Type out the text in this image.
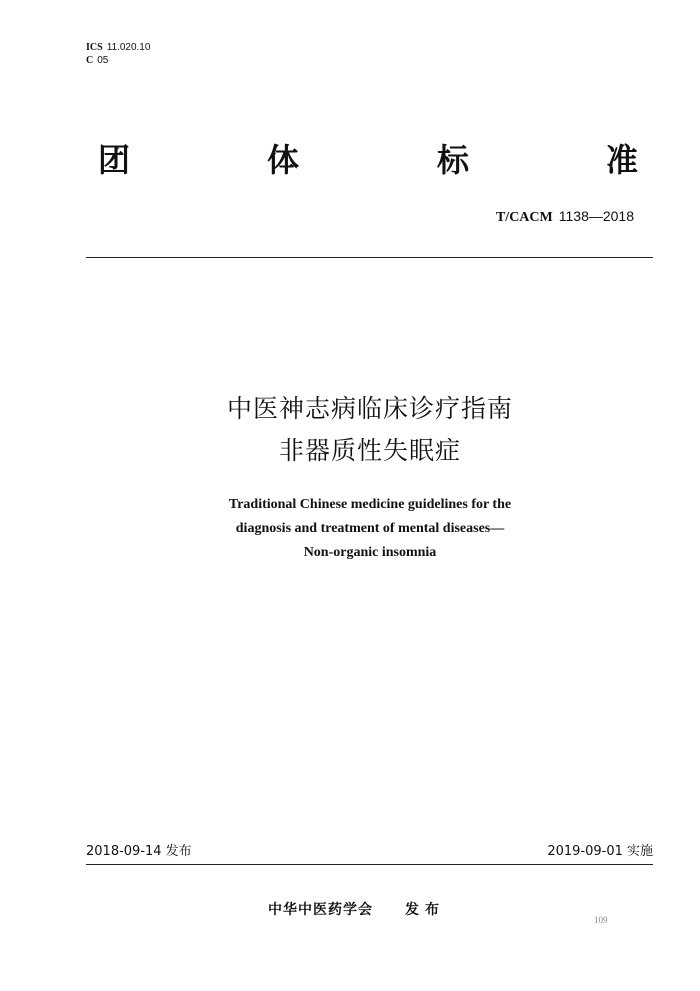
ICS 11.020.10
C 05
团	体	标	准
T/CACM 1138—2018
中医神志病临床诊疗指南
非器质性失眠症
Traditional Chinese medicine guidelines for the
diagnosis and treatment of mental diseases—
Non-organic insomnia
2018-09-14 发布	2019-09-01 实施
中华中医药学会 发布
109
